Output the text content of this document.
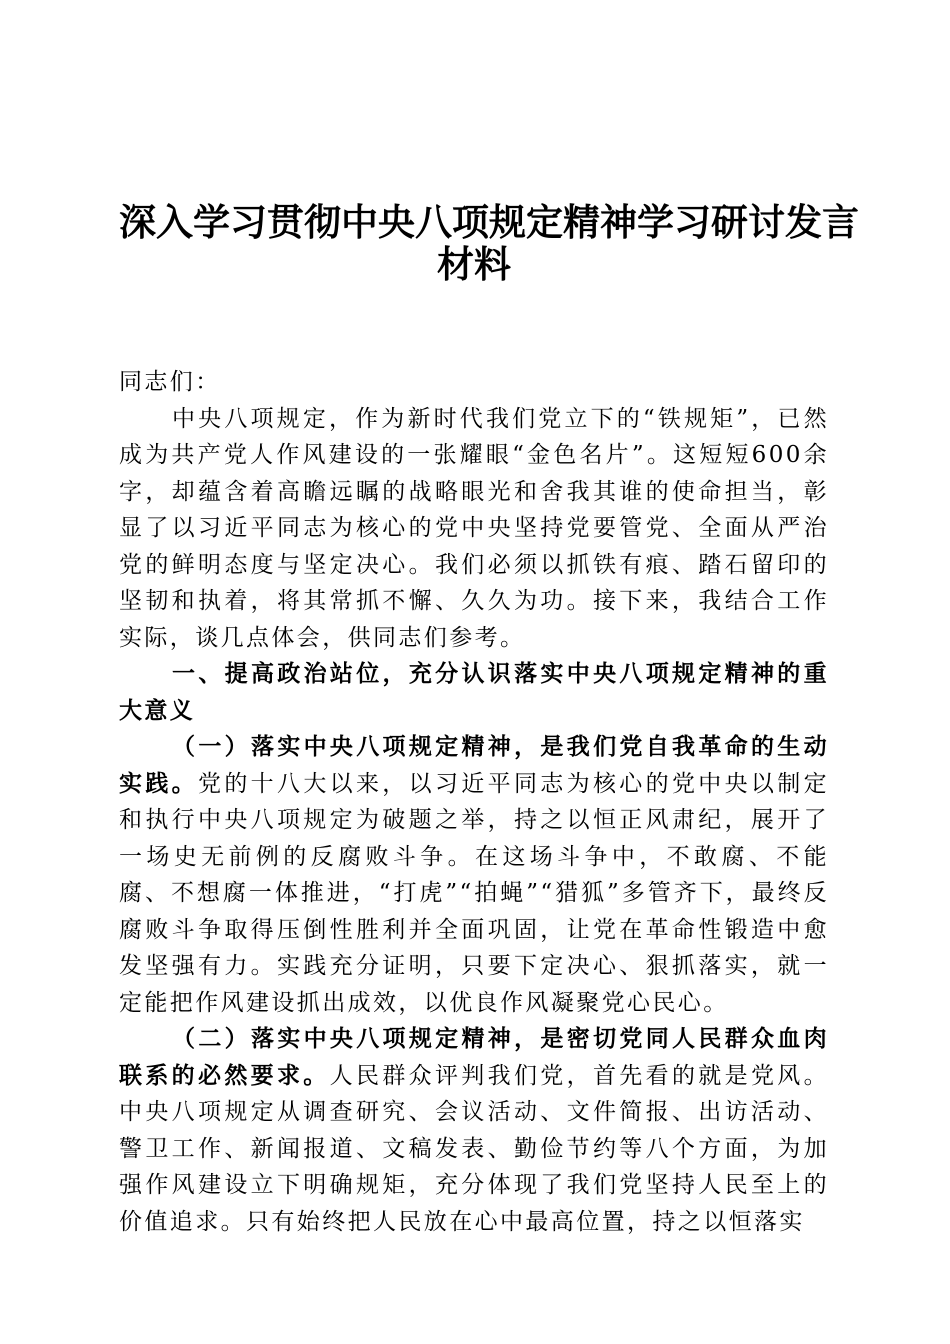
深入学习贯彻中央八项规定精神学习研讨发言
材料

同志们：

中央八项规定，作为新时代我们党立下的“铁规矩”，已然成为共产党人作风建设的一张耀眼“金色名片”。这短短600余字，却蕴含着高瞻远瞩的战略眼光和舍我其谁的使命担当，彰显了以习近平同志为核心的党中央坚持党要管党、全面从严治党的鲜明态度与坚定决心。我们必须以抓铁有痕、踏石留印的坚韧和执着，将其常抓不懈、久久为功。接下来，我结合工作实际，谈几点体会，供同志们参考。

一、提高政治站位，充分认识落实中央八项规定精神的重大意义

（一）落实中央八项规定精神，是我们党自我革命的生动实践。党的十八大以来，以习近平同志为核心的党中央以制定和执行中央八项规定为破题之举，持之以恒正风肃纪，展开了一场史无前例的反腐败斗争。在这场斗争中，不敢腐、不能腐、不想腐一体推进，“打虎”“拍蝇”“猎狐”多管齐下，最终反腐败斗争取得压倒性胜利并全面巩固，让党在革命性锻造中愈发坚强有力。实践充分证明，只要下定决心、狠抓落实，就一定能把作风建设抓出成效，以优良作风凝聚党心民心。

（二）落实中央八项规定精神，是密切党同人民群众血肉联系的必然要求。人民群众评判我们党，首先看的就是党风。中央八项规定从调查研究、会议活动、文件简报、出访活动、警卫工作、新闻报道、文稿发表、勤俭节约等八个方面，为加强作风建设立下明确规矩，充分体现了我们党坚持人民至上的价值追求。只有始终把人民放在心中最高位置，持之以恒落实
